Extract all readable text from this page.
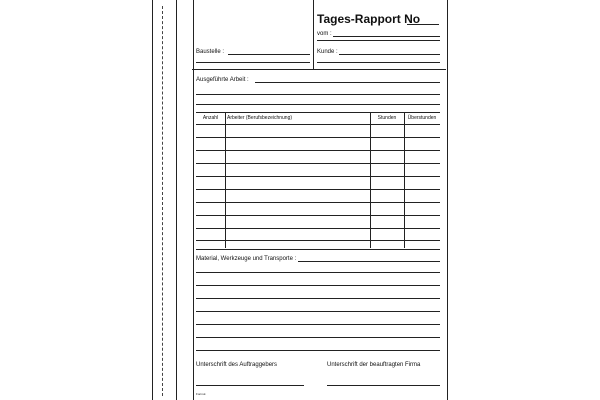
Tages-Rapport No
vom :
Baustelle :	Kunde :
Ausgeführte Arbeit :
Anzahl	Arbeiter (Berufsbezeichnung)	Stunden	Überstunden
Material, Werkzeuge und Transporte :
Unterschrift des Auftraggebers	Unterschrift der beauftragten Firma
Formul.
